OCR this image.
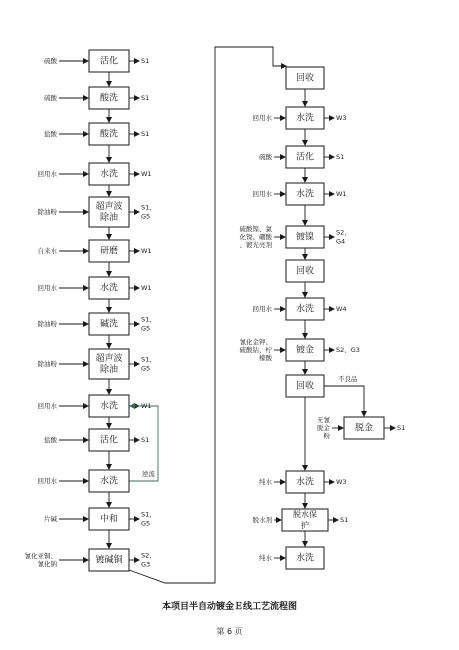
活化
硫酸	S1
酸洗
硫酸	S1
酸洗
盐酸	S1
水洗
回用水	W1
超声波
除油
除油粉
S1、
G5
研磨
自来水	W1
水洗
回用水	W1
碱洗
除油粉
S1、
G5
超声波
除油
除油粉
S1、
G5
水洗
回用水	W1
活化
盐酸	S1
水洗
回用水
中和
片碱
S1、
G5
镀碱铜
氰化亚铜、
氰化钠
S2、
G3
逆流
回收
水洗
回用水	W3
活化
硫酸	S1
水洗
回用水	W1
镀镍
硫酸镍、氯
化镍、硼酸
、镀光亮剂
S2、
G4
回收
水洗
回用水	W4
镀金
氰化金钾、
硫酸钴、柠
檬酸
S2、G3
回收
水洗
纯水	W3
脱水保
护
脱水剂	S1
水洗
纯水
不良品
脱金
无氰
脱金
粉
S1
本项目半自动镀金Ｅ线工艺流程图
第 6 页
